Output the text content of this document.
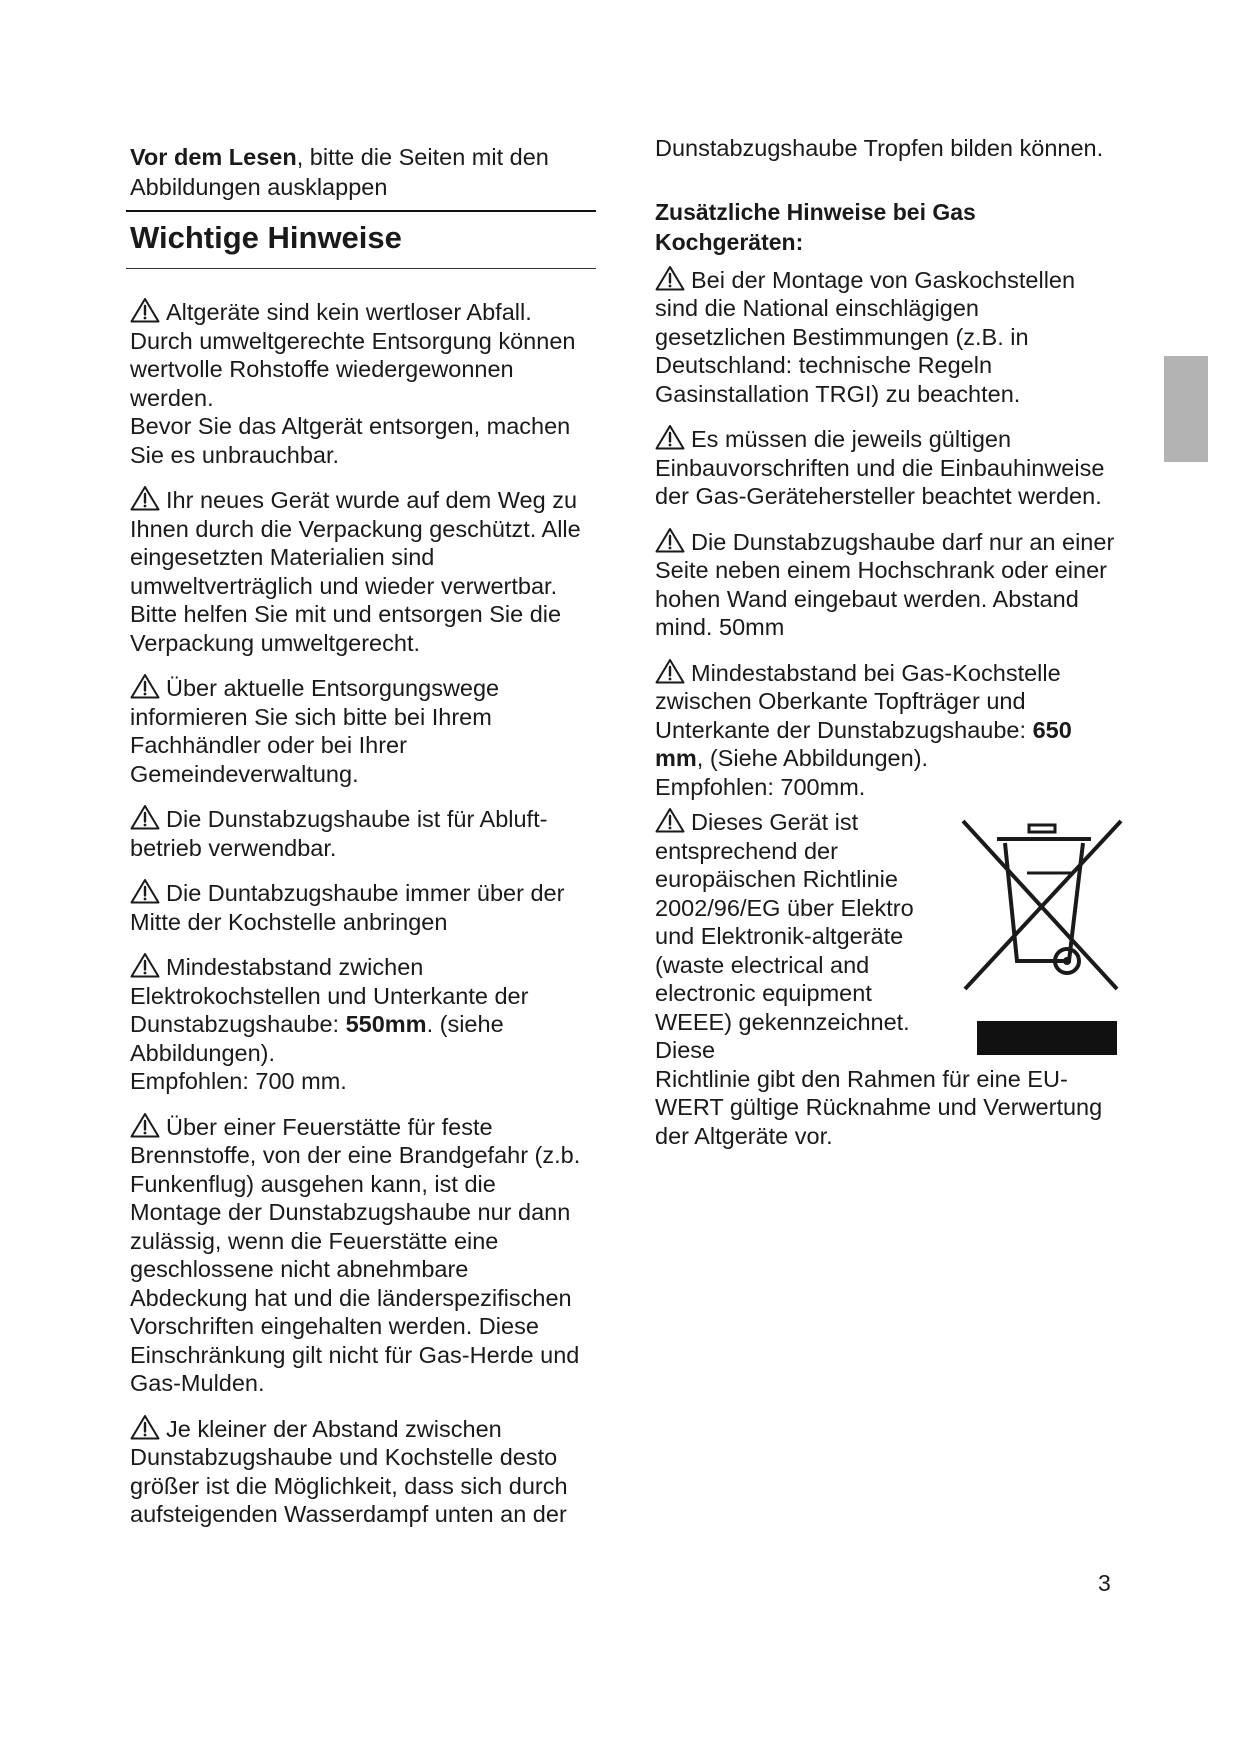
Vor dem Lesen, bitte die Seiten mit den Abbildungen ausklappen

Wichtige Hinweise

Altgeräte sind kein wertloser Abfall. Durch umweltgerechte Entsorgung können wertvolle Rohstoffe wiedergewonnen werden.
Bevor Sie das Altgerät entsorgen, machen Sie es unbrauchbar.

Ihr neues Gerät wurde auf dem Weg zu Ihnen durch die Verpackung geschützt. Alle eingesetzten Materialien sind umweltverträglich und wieder verwertbar. Bitte helfen Sie mit und entsorgen Sie die Verpackung umweltgerecht.

Über aktuelle Entsorgungswege informieren Sie sich bitte bei Ihrem Fachhändler oder bei Ihrer Gemeindeverwaltung.

Die Dunstabzugshaube ist für Abluft-betrieb verwendbar.

Die Duntabzugshaube immer über der Mitte der Kochstelle anbringen

Mindestabstand zwichen Elektrokochstellen und Unterkante der Dunstabzugshaube: 550mm. (siehe Abbildungen).
Empfohlen: 700 mm.

Über einer Feuerstätte für feste Brennstoffe, von der eine Brandgefahr (z.b. Funkenflug) ausgehen kann, ist die Montage der Dunstabzugshaube nur dann zulässig, wenn die Feuerstätte eine geschlossene nicht abnehmbare Abdeckung hat und die länderspezifischen Vorschriften eingehalten werden. Diese Einschränkung gilt nicht für Gas-Herde und Gas-Mulden.

Je kleiner der Abstand zwischen Dunstabzugshaube und Kochstelle desto größer ist die Möglichkeit, dass sich durch aufsteigenden Wasserdampf unten an der

Dunstabzugshaube Tropfen bilden können.

Zusätzliche Hinweise bei Gas Kochgeräten:

Bei der Montage von Gaskochstellen sind die National einschlägigen gesetzlichen Bestimmungen (z.B. in Deutschland: technische Regeln Gasinstallation TRGI) zu beachten.

Es müssen die jeweils gültigen Einbauvorschriften und die Einbauhinweise der Gas-Gerätehersteller beachtet werden.

Die Dunstabzugshaube darf nur an einer Seite neben einem Hochschrank oder einer hohen Wand eingebaut werden. Abstand mind. 50mm

Mindestabstand bei Gas-Kochstelle zwischen Oberkante Topfträger und Unterkante der Dunstabzugshaube: 650 mm, (Siehe Abbildungen).
Empfohlen: 700mm.

Dieses Gerät ist entsprechend der europäischen Richtlinie 2002/96/EG über Elektro und Elektronik-altgeräte (waste electrical and electronic equipment WEEE) gekennzeichnet. Diese

Richtlinie gibt den Rahmen für eine EU-WERT gültige Rücknahme und Verwertung der Altgeräte vor.

3
